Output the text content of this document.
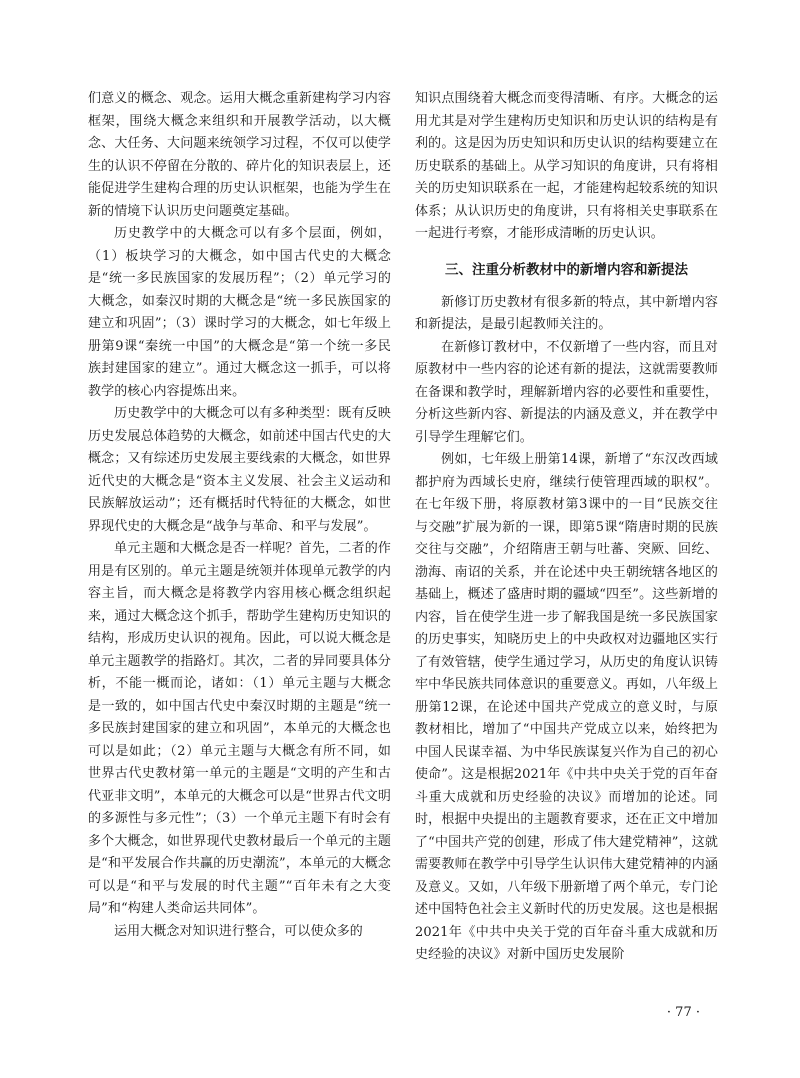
们意义的概念、观念。运用大概念重新建构学习内容框架，围绕大概念来组织和开展教学活动，以大概念、大任务、大问题来统领学习过程，不仅可以使学生的认识不停留在分散的、碎片化的知识表层上，还能促进学生建构合理的历史认识框架，也能为学生在新的情境下认识历史问题奠定基础。

历史教学中的大概念可以有多个层面，例如，（1）板块学习的大概念，如中国古代史的大概念是“统一多民族国家的发展历程”；（2）单元学习的大概念，如秦汉时期的大概念是“统一多民族国家的建立和巩固”；（3）课时学习的大概念，如七年级上册第9课“秦统一中国”的大概念是“第一个统一多民族封建国家的建立”。通过大概念这一抓手，可以将教学的核心内容提炼出来。

历史教学中的大概念可以有多种类型：既有反映历史发展总体趋势的大概念，如前述中国古代史的大概念；又有综述历史发展主要线索的大概念，如世界近代史的大概念是“资本主义发展、社会主义运动和民族解放运动”；还有概括时代特征的大概念，如世界现代史的大概念是“战争与革命、和平与发展”。

单元主题和大概念是否一样呢？首先，二者的作用是有区别的。单元主题是统领并体现单元教学的内容主旨，而大概念是将教学内容用核心概念组织起来，通过大概念这个抓手，帮助学生建构历史知识的结构，形成历史认识的视角。因此，可以说大概念是单元主题教学的指路灯。其次，二者的异同要具体分析，不能一概而论，诸如：（1）单元主题与大概念是一致的，如中国古代史中秦汉时期的主题是“统一多民族封建国家的建立和巩固”，本单元的大概念也可以是如此；（2）单元主题与大概念有所不同，如世界古代史教材第一单元的主题是“文明的产生和古代亚非文明”，本单元的大概念可以是“世界古代文明的多源性与多元性”；（3）一个单元主题下有时会有多个大概念，如世界现代史教材最后一个单元的主题是“和平发展合作共赢的历史潮流”，本单元的大概念可以是“和平与发展的时代主题”“百年未有之大变局”和“构建人类命运共同体”。

运用大概念对知识进行整合，可以使众多的

知识点围绕着大概念而变得清晰、有序。大概念的运用尤其是对学生建构历史知识和历史认识的结构是有利的。这是因为历史知识和历史认识的结构要建立在历史联系的基础上。从学习知识的角度讲，只有将相关的历史知识联系在一起，才能建构起较系统的知识体系；从认识历史的角度讲，只有将相关史事联系在一起进行考察，才能形成清晰的历史认识。

三、注重分析教材中的新增内容和新提法

新修订历史教材有很多新的特点，其中新增内容和新提法，是最引起教师关注的。

在新修订教材中，不仅新增了一些内容，而且对原教材中一些内容的论述有新的提法，这就需要教师在备课和教学时，理解新增内容的必要性和重要性，分析这些新内容、新提法的内涵及意义，并在教学中引导学生理解它们。

例如，七年级上册第14课，新增了“东汉改西域都护府为西域长史府，继续行使管理西域的职权”。在七年级下册，将原教材第3课中的一目“民族交往与交融”扩展为新的一课，即第5课“隋唐时期的民族交往与交融”，介绍隋唐王朝与吐蕃、突厥、回纥、渤海、南诏的关系，并在论述中央王朝统辖各地区的基础上，概述了盛唐时期的疆域“四至”。这些新增的内容，旨在使学生进一步了解我国是统一多民族国家的历史事实，知晓历史上的中央政权对边疆地区实行了有效管辖，使学生通过学习，从历史的角度认识铸牢中华民族共同体意识的重要意义。再如，八年级上册第12课，在论述中国共产党成立的意义时，与原教材相比，增加了“中国共产党成立以来，始终把为中国人民谋幸福、为中华民族谋复兴作为自己的初心使命”。这是根据2021年《中共中央关于党的百年奋斗重大成就和历史经验的决议》而增加的论述。同时，根据中央提出的主题教育要求，还在正文中增加了“中国共产党的创建，形成了伟大建党精神”，这就需要教师在教学中引导学生认识伟大建党精神的内涵及意义。又如，八年级下册新增了两个单元，专门论述中国特色社会主义新时代的历史发展。这也是根据2021年《中共中央关于党的百年奋斗重大成就和历史经验的决议》对新中国历史发展阶

· 77 ·
